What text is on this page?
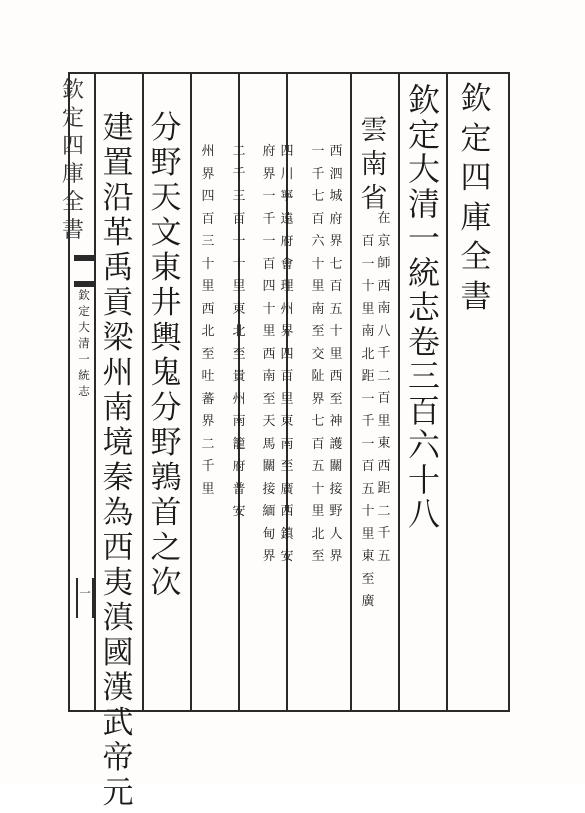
欽
定
四
庫
全
書
欽
定
大
清
一
統
志
一
欽
定
四
庫
全
書
欽
定
大
清
一
統
志
卷
三
百
六
十
八
雲
南
省
在
京
師
西
南
八
千
二
百
里
東
西
距
二
千
五
百
一
十
里
南
北
距
一
千
一
百
五
十
里
東
至
廣
西
泗
城
府
界
七
百
五
十
里
西
至
神
護
關
接
野
人
界
一
千
七
百
六
十
里
南
至
交
阯
界
七
百
五
十
里
北
至
四
川
寧
遠
府
會
理
州
界
四
百
里
東
南
至
廣
西
鎮
安
府
界
一
千
一
百
四
十
里
西
南
至
天
馬
關
接
緬
甸
界
二
千
三
百
一
十
里
東
北
至
貴
州
南
籠
府
普
安
州
界
四
百
三
十
里
西
北
至
吐
蕃
界
二
千
里
分
野
天
文
東
井
輿
鬼
分
野
鶉
首
之
次
建
置
沿
革
禹
貢
梁
州
南
境
秦
為
西
夷
滇
國
漢
武
帝
元
